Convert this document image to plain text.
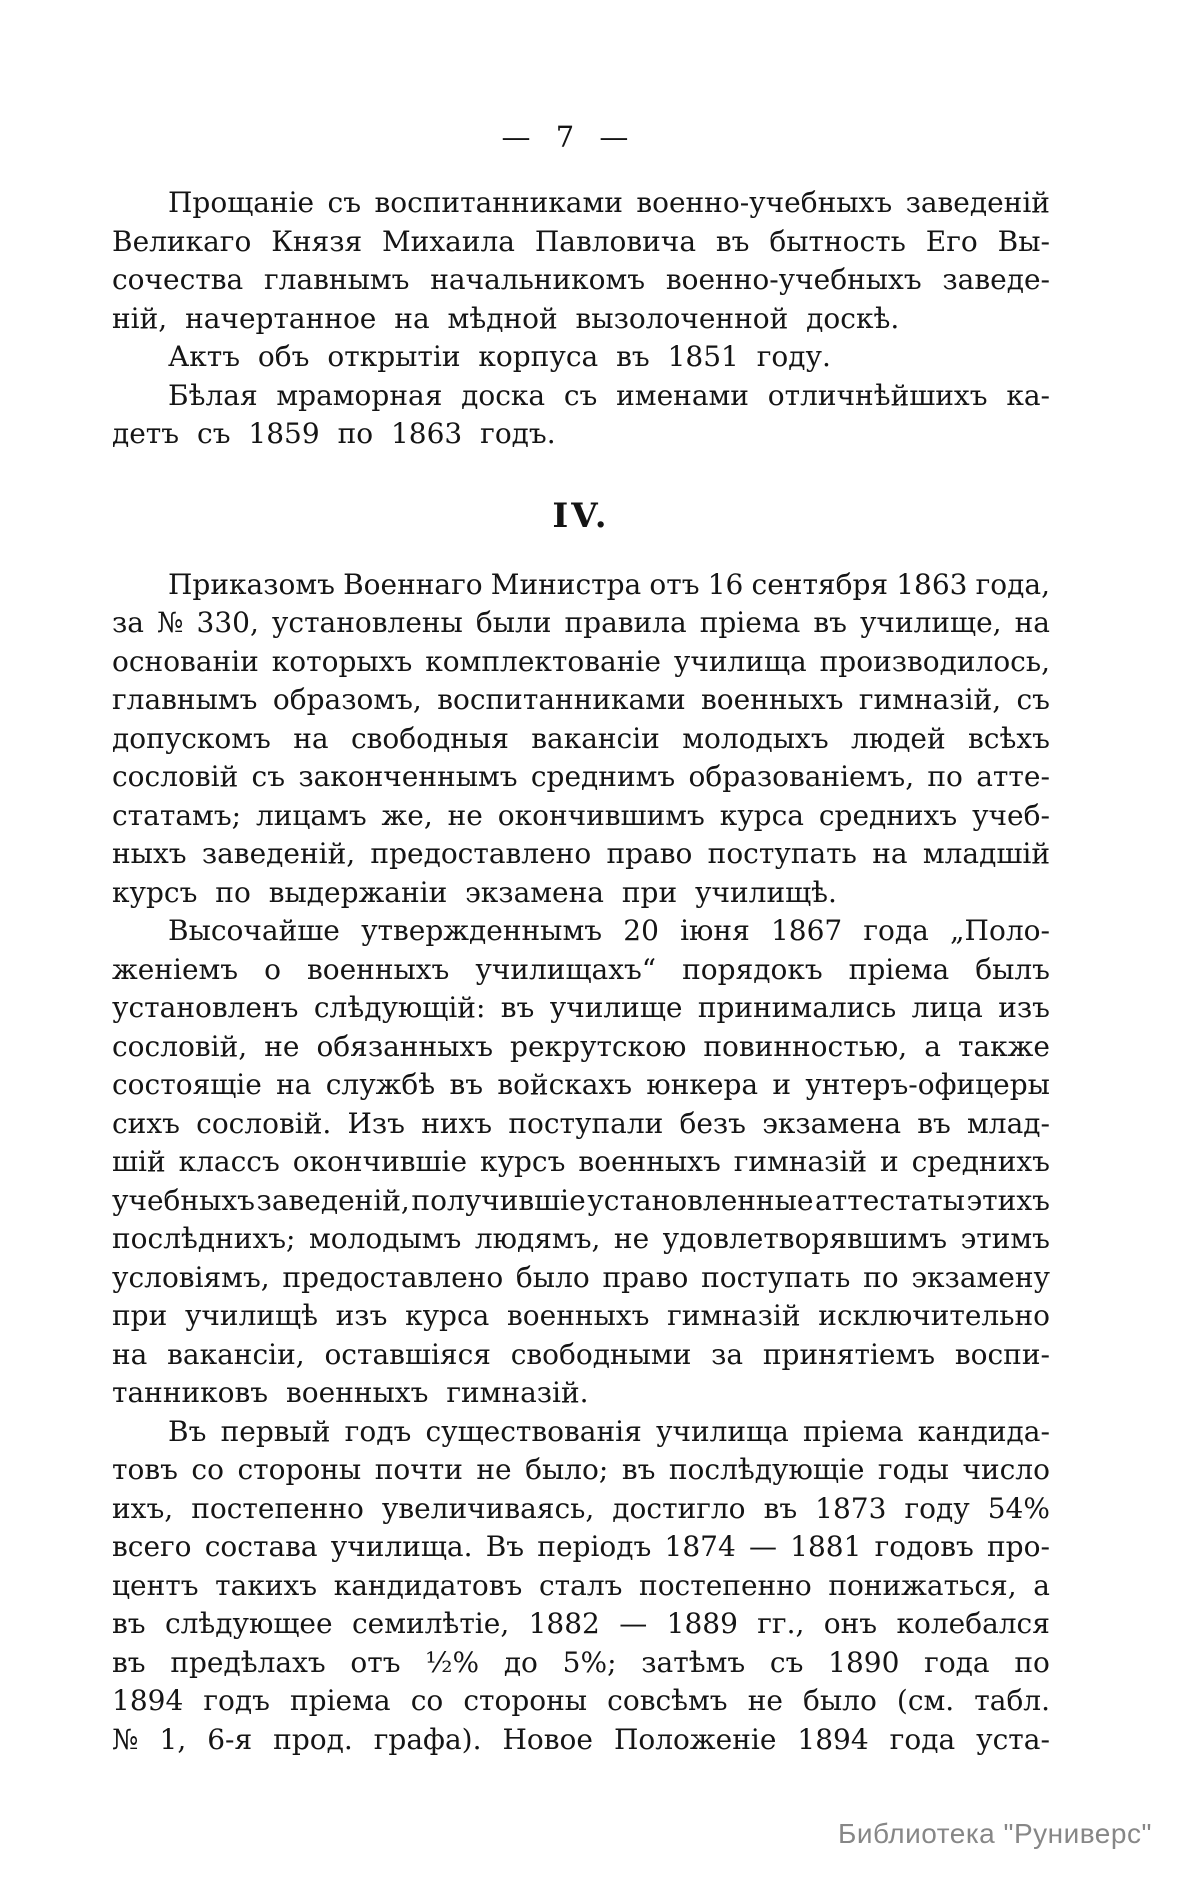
— 7 —
Прощаніе съ воспитанниками военно-учебныхъ заведеній
Великаго Князя Михаила Павловича въ бытность Его Вы-
сочества главнымъ начальникомъ военно-учебныхъ заведе-
ній, начертанное на мѣдной вызолоченной доскѣ.
Актъ объ открытіи корпуса въ 1851 году.
Бѣлая мраморная доска съ именами отличнѣйшихъ ка-
детъ съ 1859 по 1863 годъ.
IV.
Приказомъ Военнаго Министра отъ 16 сентября 1863 года,
за № 330, установлены были правила пріема въ училище, на
основаніи которыхъ комплектованіе училища производилось,
главнымъ образомъ, воспитанниками военныхъ гимназій, съ
допускомъ на свободныя вакансіи молодыхъ людей всѣхъ
сословій съ законченнымъ среднимъ образованіемъ, по атте-
статамъ; лицамъ же, не окончившимъ курса среднихъ учеб-
ныхъ заведеній, предоставлено право поступать на младшій
курсъ по выдержаніи экзамена при училищѣ.
Высочайше утвержденнымъ 20 іюня 1867 года „Поло-
женіемъ о военныхъ училищахъ“ порядокъ пріема былъ
установленъ слѣдующій: въ училище принимались лица изъ
сословій, не обязанныхъ рекрутскою повинностью, а также
состоящіе на службѣ въ войскахъ юнкера и унтеръ-офицеры
сихъ сословій. Изъ нихъ поступали безъ экзамена въ млад-
шій классъ окончившіе курсъ военныхъ гимназій и среднихъ
учебныхъ заведеній, получившіе установленные аттестаты этихъ
послѣднихъ; молодымъ людямъ, не удовлетворявшимъ этимъ
условіямъ, предоставлено было право поступать по экзамену
при училищѣ изъ курса военныхъ гимназій исключительно
на вакансіи, оставшіяся свободными за принятіемъ воспи-
танниковъ военныхъ гимназій.
Въ первый годъ существованія училища пріема кандида-
товъ со стороны почти не было; въ послѣдующіе годы число
ихъ, постепенно увеличиваясь, достигло въ 1873 году 54%
всего состава училища. Въ періодъ 1874 — 1881 годовъ про-
центъ такихъ кандидатовъ сталъ постепенно понижаться, а
въ слѣдующее семилѣтіе, 1882 — 1889 гг., онъ колебался
въ предѣлахъ отъ ½% до 5%; затѣмъ съ 1890 года по
1894 годъ пріема со стороны совсѣмъ не было (см. табл.
№ 1, 6-я прод. графа). Новое Положеніе 1894 года уста-
Библиотека "Руниверс"
